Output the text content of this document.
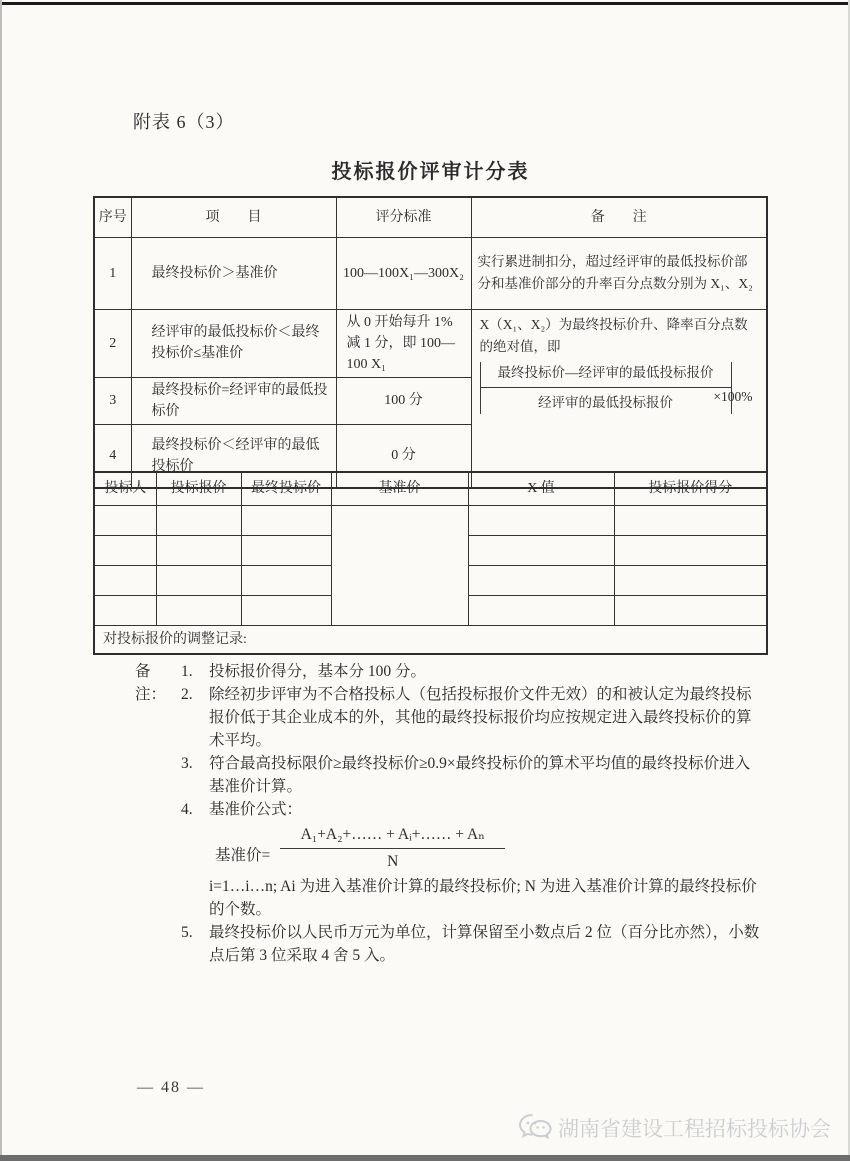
附表 6（3）
投标报价评审计分表
序号	项　　目	评分标准	备　　注
1	最终投标价＞基准价	100—100X₁—300X₂	实行累进制扣分，超过经评审的最低投标价部分和基准价部分的升率百分点数分别为 X₁、X₂
2	经评审的最低投标价＜最终投标价≤基准价	从 0 开始每升 1%减 1 分，即 100—100 X₁	X（X₁、X₂）为最终投标价升、降率百分点数的绝对值，即
$\frac{\text{最终投标价—经评审的最低投标报价}}{\text{经评审的最低投标报价}}$
×100%

3	最终投标价=经评审的最低投标价	100 分	
4	最终投标价＜经评审的最低投标价	0 分	
投标人	投标报价	最终投标价	基准价	X 值	投标报价得分

对投标报价的调整记录:					
备注：
1.	投标报价得分，基本分 100 分。
2.	除经初步评审为不合格投标人（包括投标报价文件无效）的和被认定为最终投标报价低于其企业成本的外，其他的最终投标报价均应按规定进入最终投标价的算术平均。
3.	符合最高投标限价≥最终投标价≥0.9×最终投标价的算术平均值的最终投标价进入基准价计算。
4.	基准价公式：
基准价= $\frac{\text{A₁+A₂+…… + Aᵢ+…… + Aₙ}}{N}$
i=1…i…n; Ai 为进入基准价计算的最终投标价; N 为进入基准价计算的最终投标价的个数。
5.	最终投标价以人民币万元为单位，计算保留至小数点后 2 位（百分比亦然），小数点后第 3 位采取 4 舍 5 入。
— 48 —
湖南省建设工程招标投标协会
